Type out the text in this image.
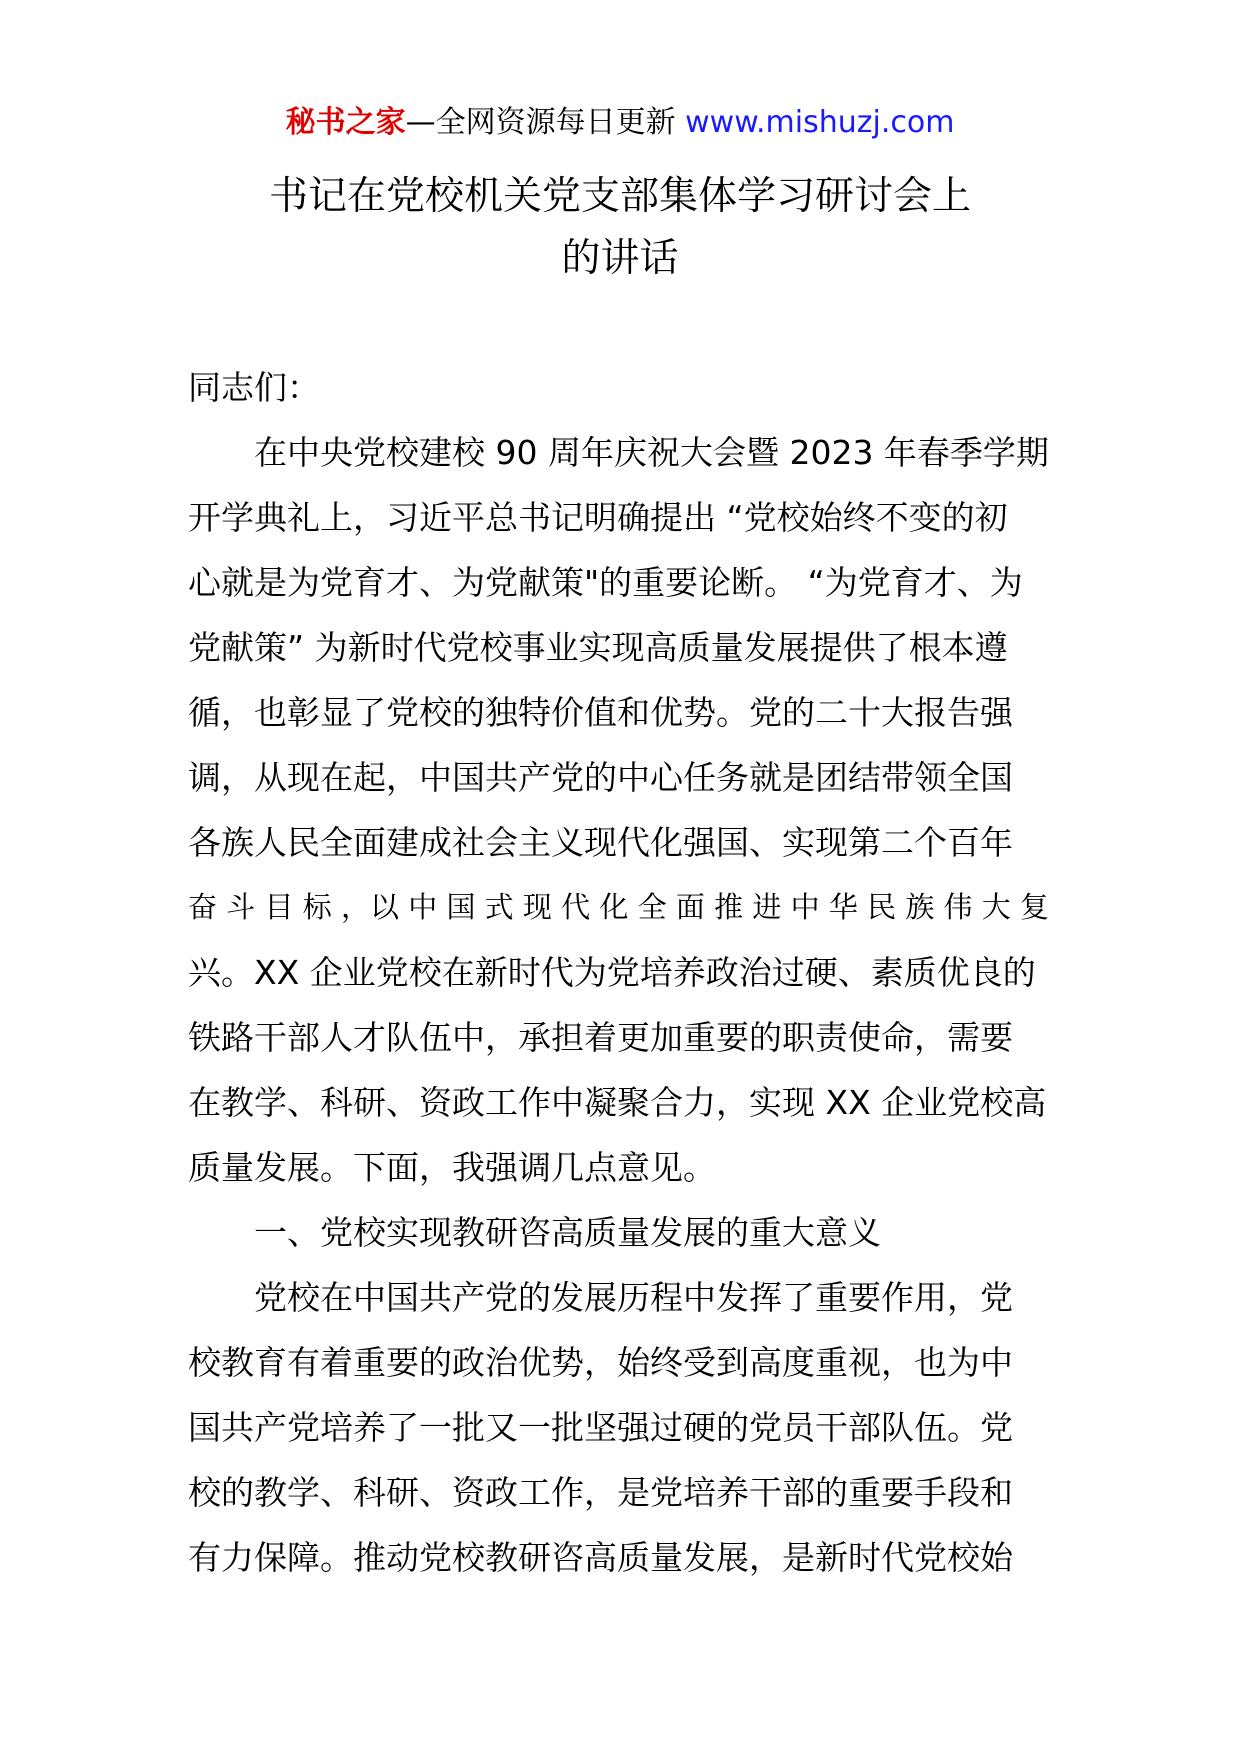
秘书之家—全网资源每日更新 www.mishuzj.com
书记在党校机关党支部集体学习研讨会上
的讲话
同志们：
在中央党校建校 90 周年庆祝大会暨 2023 年春季学期
开学典礼上，习近平总书记明确提出 “党校始终不变的初
心就是为党育才、为党献策"的重要论断。 “为党育才、为
党献策” 为新时代党校事业实现高质量发展提供了根本遵
循，也彰显了党校的独特价值和优势。党的二十大报告强
调，从现在起，中国共产党的中心任务就是团结带领全国
各族人民全面建成社会主义现代化强国、实现第二个百年
奋 斗 目 标 ，以 中 国 式 现 代 化 全 面 推 进 中 华 民 族 伟 大 复
兴。XX 企业党校在新时代为党培养政治过硬、素质优良的
铁路干部人才队伍中，承担着更加重要的职责使命，需要
在教学、科研、资政工作中凝聚合力，实现 XX 企业党校高
质量发展。下面，我强调几点意见。
一、党校实现教研咨高质量发展的重大意义
党校在中国共产党的发展历程中发挥了重要作用，党
校教育有着重要的政治优势，始终受到高度重视，也为中
国共产党培养了一批又一批坚强过硬的党员干部队伍。党
校的教学、科研、资政工作，是党培养干部的重要手段和
有力保障。推动党校教研咨高质量发展，是新时代党校始
